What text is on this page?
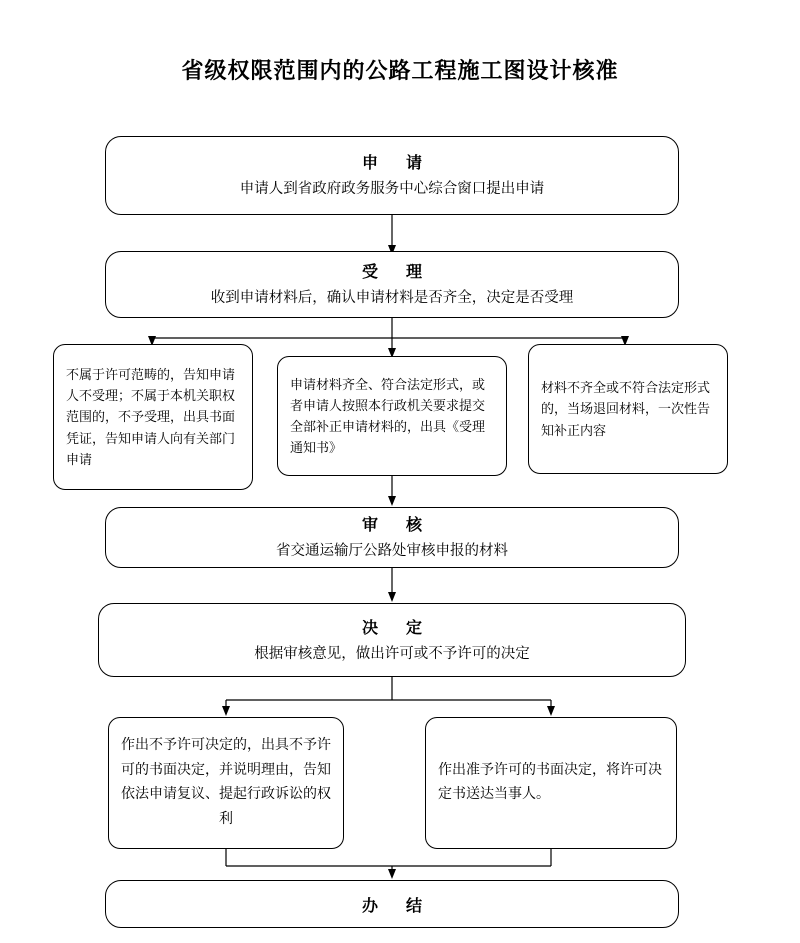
省级权限范围内的公路工程施工图设计核准
申　请
申请人到省政府政务服务中心综合窗口提出申请
受　理
收到申请材料后，确认申请材料是否齐全，决定是否受理
不属于许可范畴的，告知申请人不受理；不属于本机关职权范围的，不予受理，出具书面凭证，告知申请人向有关部门申请
申请材料齐全、符合法定形式，或者申请人按照本行政机关要求提交全部补正申请材料的，出具《受理通知书》
材料不齐全或不符合法定形式的，当场退回材料，一次性告知补正内容
审　核
省交通运输厅公路处审核申报的材料
决　定
根据审核意见，做出许可或不予许可的决定
作出不予许可决定的，出具不予许可的书面决定，并说明理由，告知依法申请复议、提起行政诉讼的权利
作出准予许可的书面决定，将许可决定书送达当事人。
办　结
